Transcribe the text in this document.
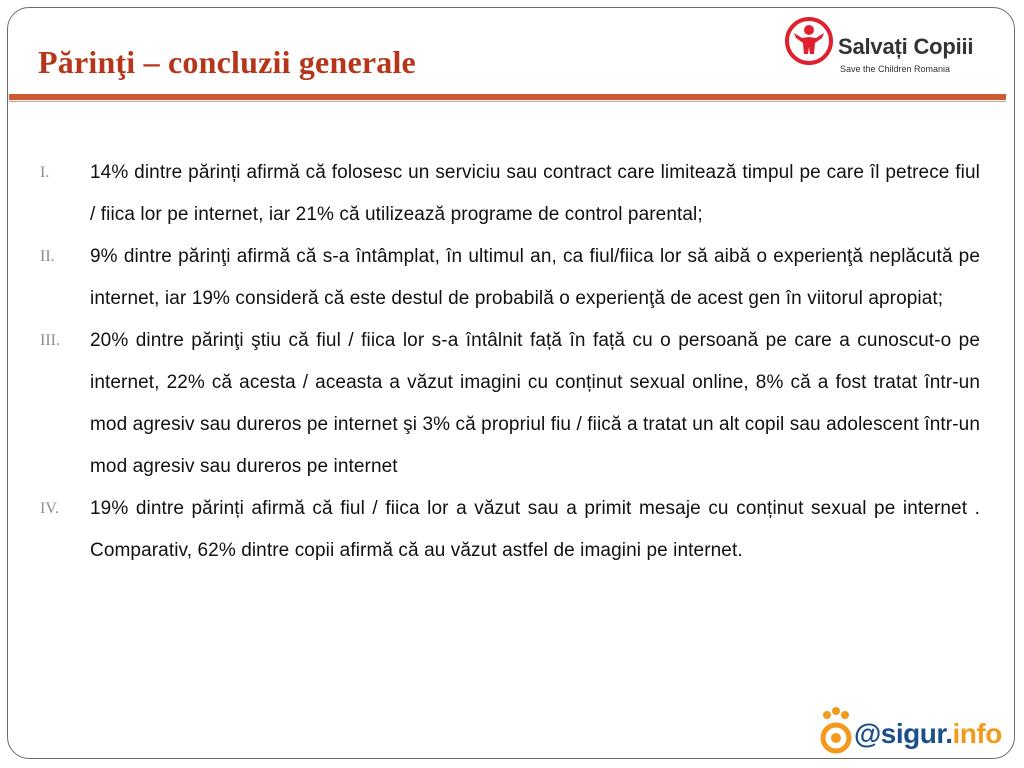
Părinţi – concluzii generale	Salvați Copiii
Save the Children Romania
I.	14% dintre părinți afirmă că folosesc un serviciu sau contract care limitează timpul pe care îl petrece fiul / fiica lor pe internet, iar 21% că utilizează programe de control parental;
II.	9% dintre părinţi afirmă că s-a întâmplat, în ultimul an, ca fiul/fiica lor să aibă o experienţă neplăcută pe internet, iar 19% consideră că este destul de probabilă o experienţă de acest gen în viitorul apropiat;
III.	20% dintre părinţi ştiu că fiul / fiica lor s-a întâlnit față în față cu o persoană pe care a cunoscut-o pe internet, 22% că acesta / aceasta a văzut imagini cu conținut sexual online, 8% că a fost tratat într-un mod agresiv sau dureros pe internet şi 3% că propriul fiu / fiică a tratat un alt copil sau adolescent într-un mod agresiv sau dureros pe internet
IV.	19% dintre părinți afirmă că fiul / fiica lor a văzut sau a primit mesaje cu conținut sexual pe internet . Comparativ, 62% dintre copii afirmă că au văzut astfel de imagini pe internet.
@sigur.info
